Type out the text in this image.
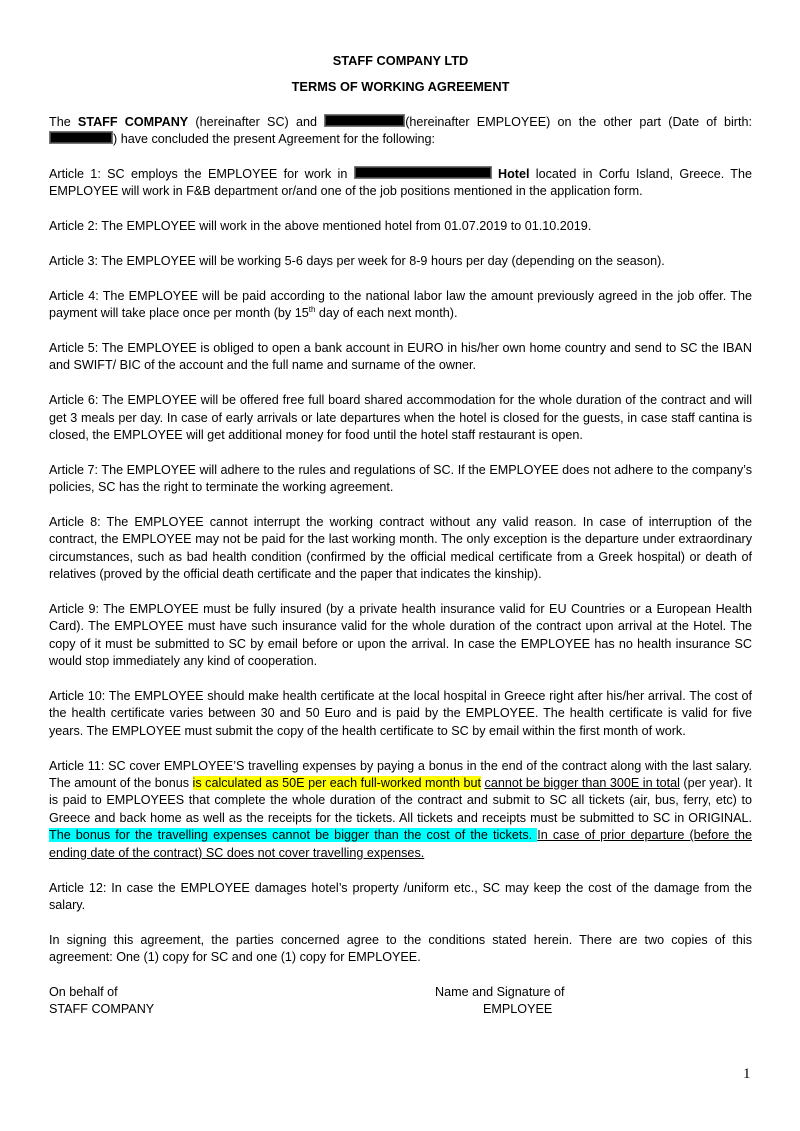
STAFF COMPANY LTD

TERMS OF WORKING AGREEMENT

The STAFF COMPANY (hereinafter SC) and	(hereinafter EMPLOYEE) on the other part (Date of birth: ) have concluded the present Agreement for the following:

Article 1: SC employs the EMPLOYEE for work in	Hotel located in Corfu Island, Greece. The EMPLOYEE will work in F&B department or/and one of the job positions mentioned in the application form.

Article 2: The EMPLOYEE will work in the above mentioned hotel from 01.07.2019 to 01.10.2019.

Article 3: The EMPLOYEE will be working 5-6 days per week for 8-9 hours per day (depending on the season).

Article 4: The EMPLOYEE will be paid according to the national labor law the amount previously agreed in the job offer. The payment will take place once per month (by 15th day of each next month).

Article 5: The EMPLOYEE is obliged to open a bank account in EURO in his/her own home country and send to SC the IBAN and SWIFT/ BIC of the account and the full name and surname of the owner.

Article 6: The EMPLOYEE will be offered free full board shared accommodation for the whole duration of the contract and will get 3 meals per day. In case of early arrivals or late departures when the hotel is closed for the guests, in case staff cantina is closed, the EMPLOYEE will get additional money for food until the hotel staff restaurant is open.

Article 7: The EMPLOYEE will adhere to the rules and regulations of SC. If the EMPLOYEE does not adhere to the company’s policies, SC has the right to terminate the working agreement.

Article 8: The EMPLOYEE cannot interrupt the working contract without any valid reason. In case of interruption of the contract, the EMPLOYEE may not be paid for the last working month. The only exception is the departure under extraordinary circumstances, such as bad health condition (confirmed by the official medical certificate from a Greek hospital) or death of relatives (proved by the official death certificate and the paper that indicates the kinship).

Article 9: The EMPLOYEE must be fully insured (by a private health insurance valid for EU Countries or a European Health Card). The EMPLOYEE must have such insurance valid for the whole duration of the contract upon arrival at the Hotel. The copy of it must be submitted to SC by email before or upon the arrival. In case the EMPLOYEE has no health insurance SC would stop immediately any kind of cooperation.

Article 10: The EMPLOYEE should make health certificate at the local hospital in Greece right after his/her arrival. The cost of the health certificate varies between 30 and 50 Euro and is paid by the EMPLOYEE. The health certificate is valid for five years. The EMPLOYEE must submit the copy of the health certificate to SC by email within the first month of work.

Article 11: SC cover EMPLOYEE’S travelling expenses by paying a bonus in the end of the contract along with the last salary. The amount of the bonus is calculated as 50E per each full-worked month but cannot be bigger than 300E in total (per year). It is paid to EMPLOYEES that complete the whole duration of the contract and submit to SC all tickets (air, bus, ferry, etc) to Greece and back home as well as the receipts for the tickets. All tickets and receipts must be submitted to SC in ORIGINAL. The bonus for the travelling expenses cannot be bigger than the cost of the tickets. In case of prior departure (before the ending date of the contract) SC does not cover travelling expenses.

Article 12: In case the EMPLOYEE damages hotel’s property /uniform etc., SC may keep the cost of the damage from the salary.

In signing this agreement, the parties concerned agree to the conditions stated herein. There are two copies of this agreement: One (1) copy for SC and one (1) copy for EMPLOYEE.

On behalf of
STAFF COMPANY
Name and Signature of
EMPLOYEE
1
